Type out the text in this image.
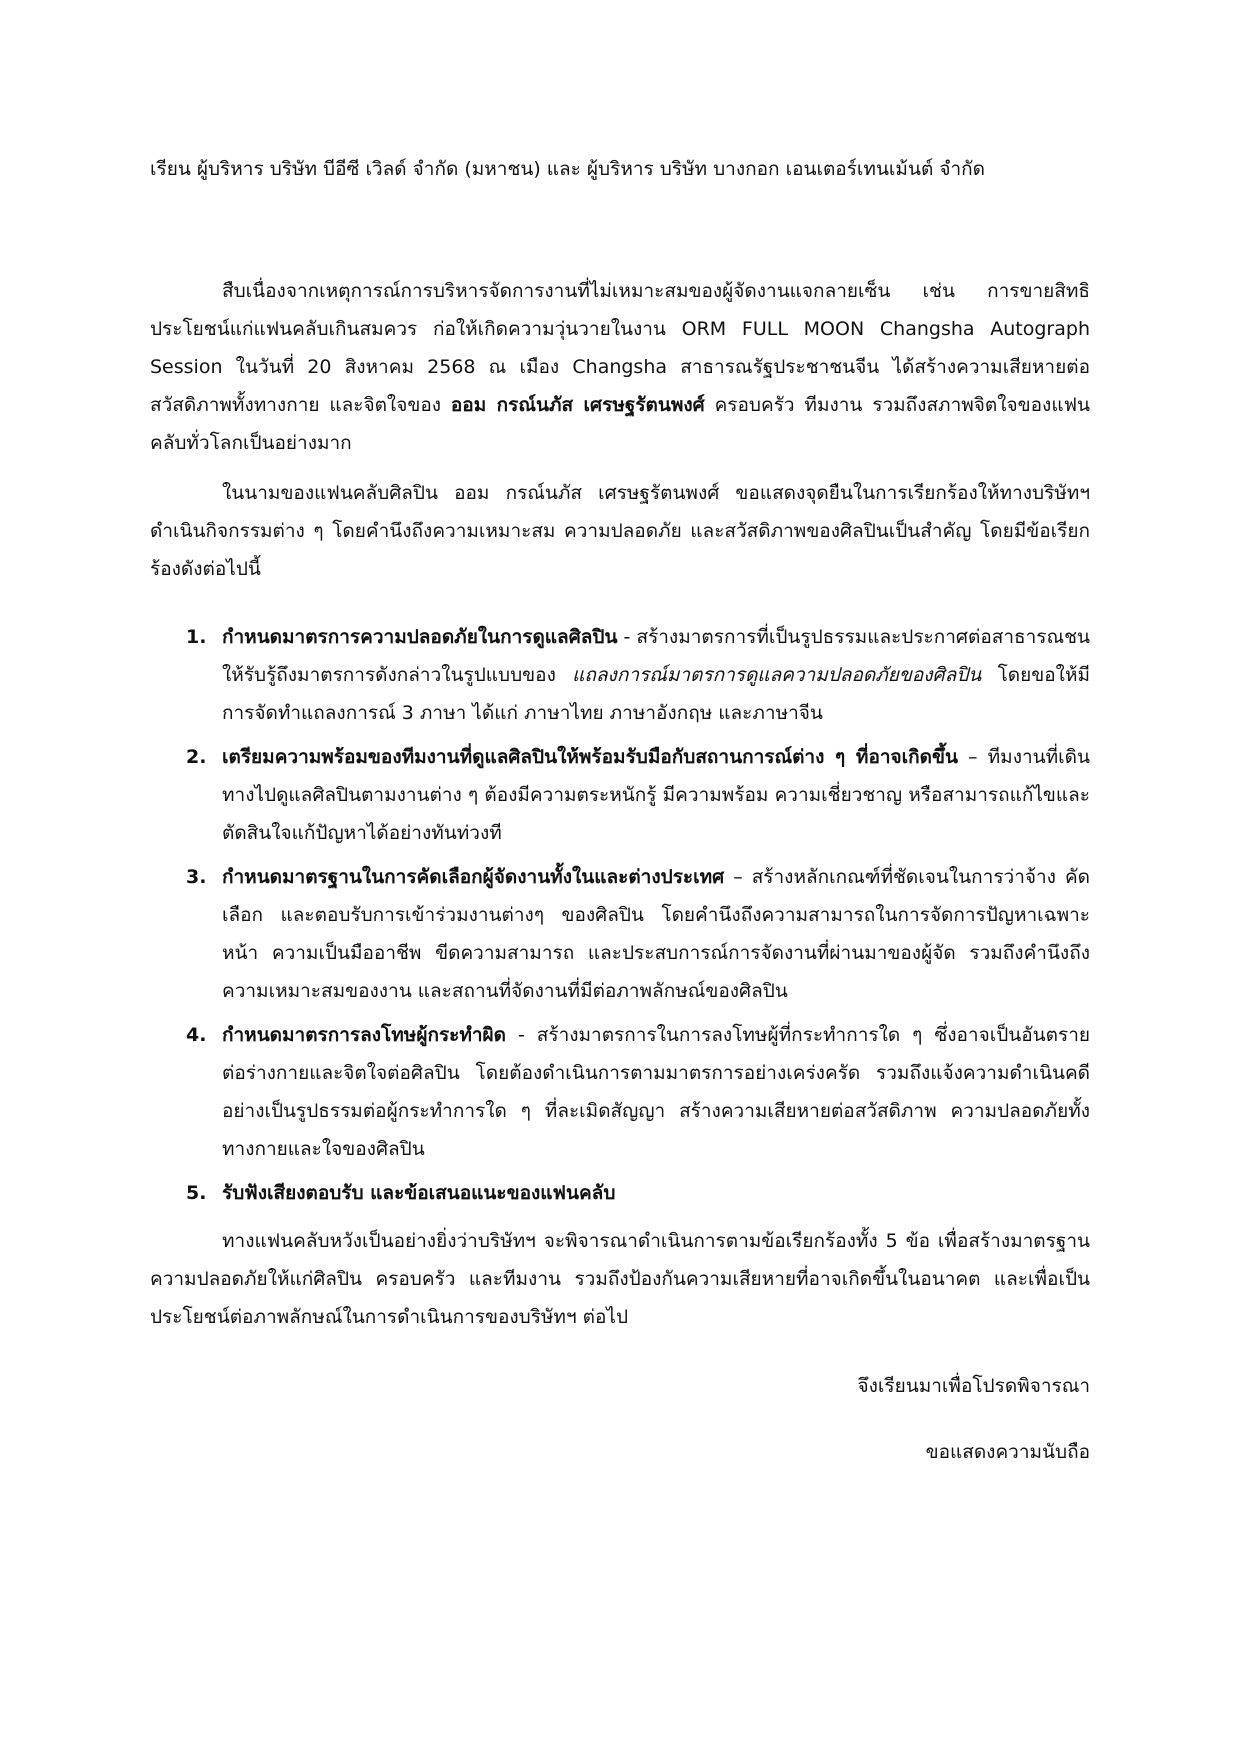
เรียน ผู้บริหาร บริษัท บีอีซี เวิลด์ จำกัด (มหาชน) และ ผู้บริหาร บริษัท บางกอก เอนเตอร์เทนเม้นต์ จำกัด

สืบเนื่องจากเหตุการณ์การบริหารจัดการงานที่ไม่เหมาะสมของผู้จัดงานแจกลายเซ็น เช่น การขายสิทธิประโยชน์แก่แฟนคลับเกินสมควร ก่อให้เกิดความวุ่นวายในงาน ORM FULL MOON Changsha Autograph Session ในวันที่ 20 สิงหาคม 2568 ณ เมือง Changsha สาธารณรัฐประชาชนจีน ได้สร้างความเสียหายต่อสวัสดิภาพทั้งทางกาย และจิตใจของ ออม กรณ์นภัส เศรษฐรัตนพงศ์ ครอบครัว ทีมงาน รวมถึงสภาพจิตใจของแฟนคลับทั่วโลกเป็นอย่างมาก

ในนามของแฟนคลับศิลปิน ออม กรณ์นภัส เศรษฐรัตนพงศ์ ขอแสดงจุดยืนในการเรียกร้องให้ทางบริษัทฯ ดำเนินกิจกรรมต่าง ๆ โดยคำนึงถึงความเหมาะสม ความปลอดภัย และสวัสดิภาพของศิลปินเป็นสำคัญ โดยมีข้อเรียกร้องดังต่อไปนี้

1. กำหนดมาตรการความปลอดภัยในการดูแลศิลปิน - สร้างมาตรการที่เป็นรูปธรรมและประกาศต่อสาธารณชนให้รับรู้ถึงมาตรการดังกล่าวในรูปแบบของ แถลงการณ์มาตรการดูแลความปลอดภัยของศิลปิน โดยขอให้มีการจัดทำแถลงการณ์ 3 ภาษา ได้แก่ ภาษาไทย ภาษาอังกฤษ และภาษาจีน
2. เตรียมความพร้อมของทีมงานที่ดูแลศิลปินให้พร้อมรับมือกับสถานการณ์ต่าง ๆ ที่อาจเกิดขึ้น – ทีมงานที่เดินทางไปดูแลศิลปินตามงานต่าง ๆ ต้องมีความตระหนักรู้ มีความพร้อม ความเชี่ยวชาญ หรือสามารถแก้ไขและตัดสินใจแก้ปัญหาได้อย่างทันท่วงที
3. กำหนดมาตรฐานในการคัดเลือกผู้จัดงานทั้งในและต่างประเทศ – สร้างหลักเกณฑ์ที่ชัดเจนในการว่าจ้าง คัดเลือก และตอบรับการเข้าร่วมงานต่างๆ ของศิลปิน โดยคำนึงถึงความสามารถในการจัดการปัญหาเฉพาะหน้า ความเป็นมืออาชีพ ขีดความสามารถ และประสบการณ์การจัดงานที่ผ่านมาของผู้จัด รวมถึงคำนึงถึงความเหมาะสมของงาน และสถานที่จัดงานที่มีต่อภาพลักษณ์ของศิลปิน
4. กำหนดมาตรการลงโทษผู้กระทำผิด - สร้างมาตรการในการลงโทษผู้ที่กระทำการใด ๆ ซึ่งอาจเป็นอันตรายต่อร่างกายและจิตใจต่อศิลปิน โดยต้องดำเนินการตามมาตรการอย่างเคร่งครัด รวมถึงแจ้งความดำเนินคดีอย่างเป็นรูปธรรมต่อผู้กระทำการใด ๆ ที่ละเมิดสัญญา สร้างความเสียหายต่อสวัสดิภาพ ความปลอดภัยทั้งทางกายและใจของศิลปิน
5. รับฟังเสียงตอบรับ และข้อเสนอแนะของแฟนคลับ

ทางแฟนคลับหวังเป็นอย่างยิ่งว่าบริษัทฯ จะพิจารณาดำเนินการตามข้อเรียกร้องทั้ง 5 ข้อ เพื่อสร้างมาตรฐานความปลอดภัยให้แก่ศิลปิน ครอบครัว และทีมงาน รวมถึงป้องกันความเสียหายที่อาจเกิดขึ้นในอนาคต และเพื่อเป็นประโยชน์ต่อภาพลักษณ์ในการดำเนินการของบริษัทฯ ต่อไป

จึงเรียนมาเพื่อโปรดพิจารณา

ขอแสดงความนับถือ
